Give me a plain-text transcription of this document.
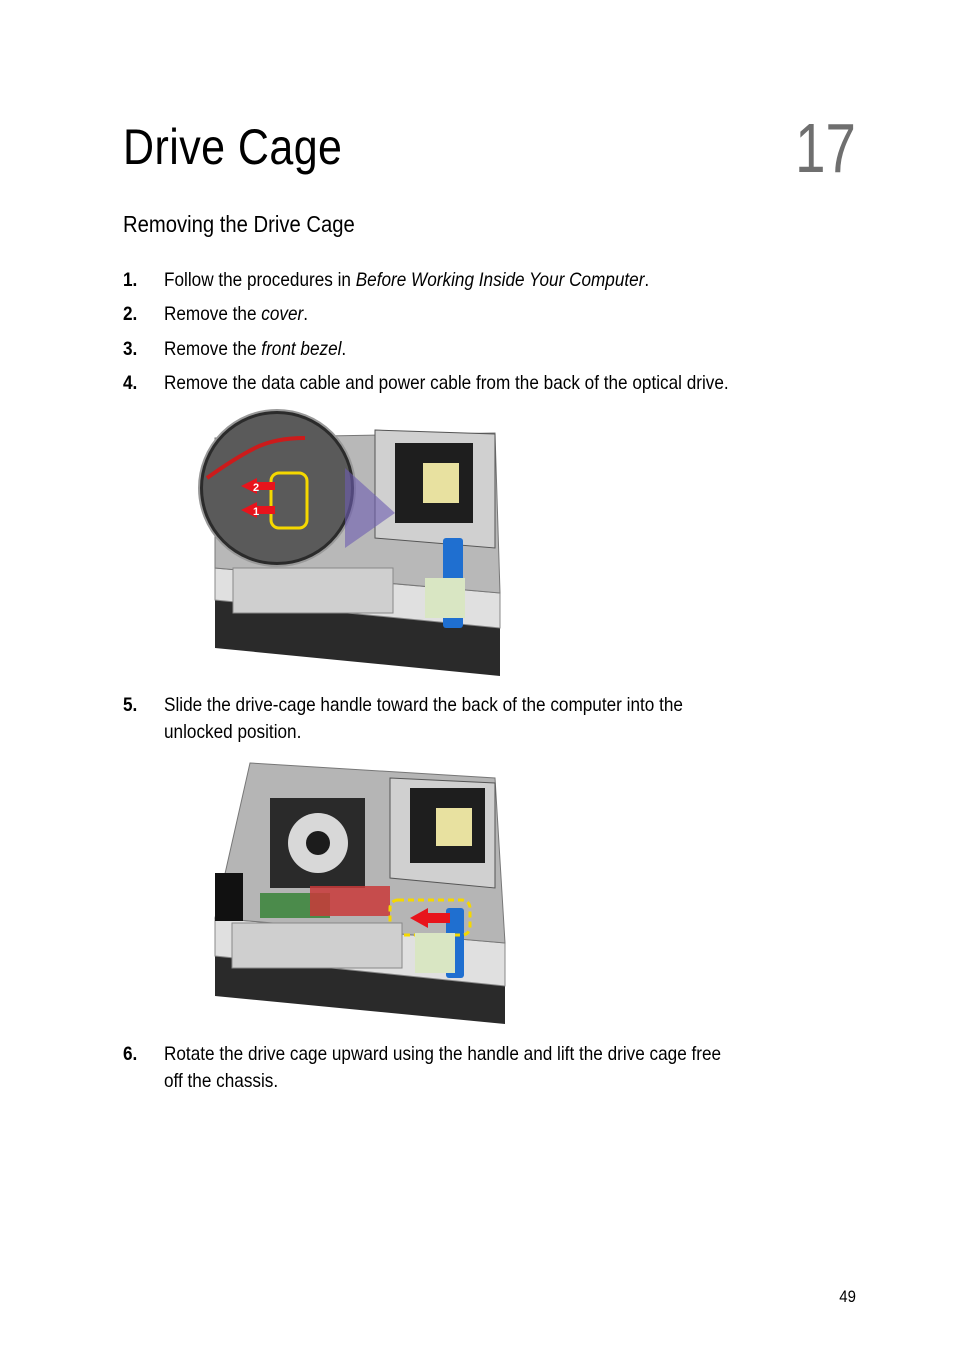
Drive Cage	17
Removing the Drive Cage
1. Follow the procedures in Before Working Inside Your Computer.
2. Remove the cover.
3. Remove the front bezel.
4. Remove the data cable and power cable from the back of the optical drive.
2
1
5. Slide the drive-cage handle toward the back of the computer into the
unlocked position.
6. Rotate the drive cage upward using the handle and lift the drive cage free
off the chassis.
49
